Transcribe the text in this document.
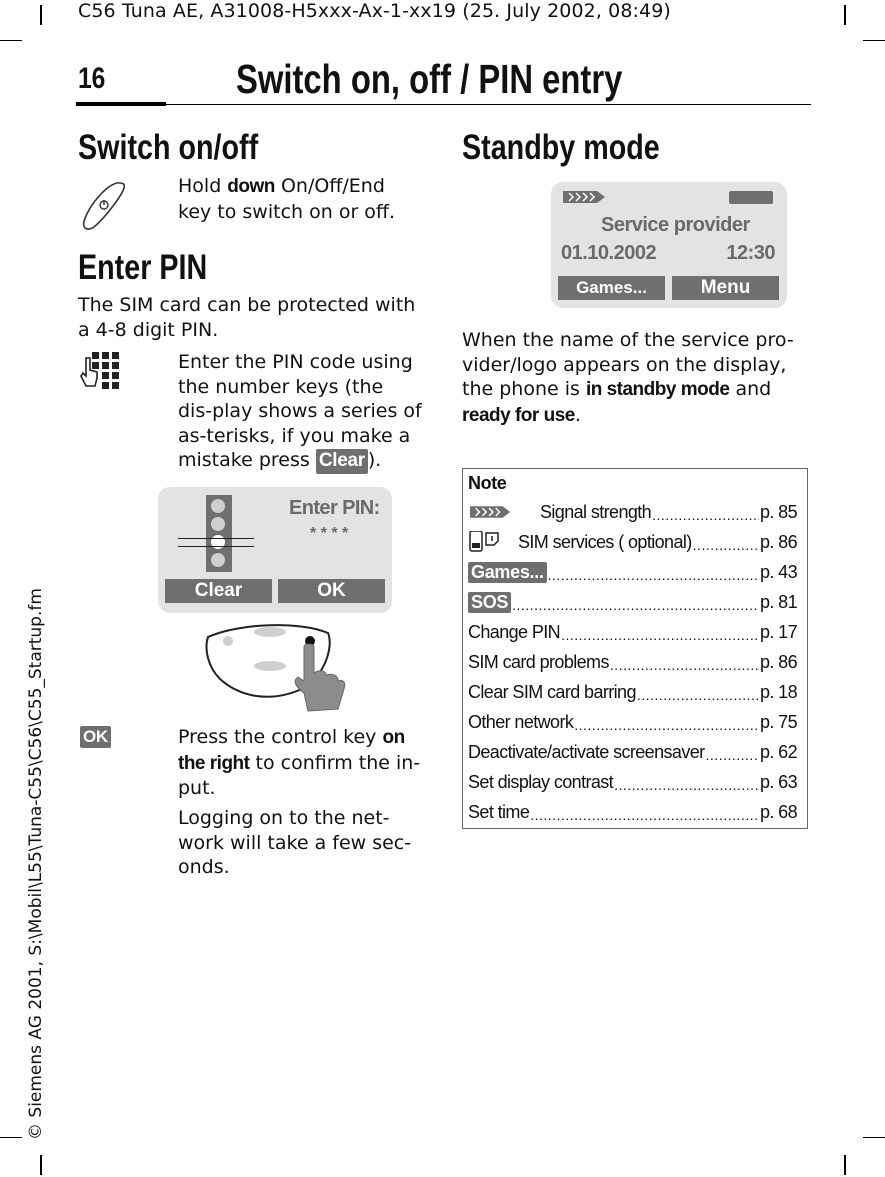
C56 Tuna AE, A31008-H5xxx-Ax-1-xx19 (25. July 2002, 08:49)
© Siemens AG 2001, S:\Mobil\L55\Tuna-C55\C56\C55_Startup.fm
16	Switch on, off / PIN entry
Switch on/off
Hold down On/Off/End key to switch on or off.
Enter PIN
The SIM card can be protected with a 4-8 digit PIN.
Enter the PIN code using the number keys (the dis-play shows a series of as-terisks, if you make a mistake press Clear ).
Enter PIN:
* * * *
Clear	OK
OK	Press the control key on the right to confirm the in-put.
Logging on to the net-work will take a few sec-onds.
Standby mode
Service provider
01.10.2002	12:30
Games...	Menu
When the name of the service pro-vider/logo appears on the display, the phone is in standby mode and ready for use.
Note
Signal strength .....	p. 85
SIM services ( optional) .....	p. 86
Games... .....	p. 43
SOS .....	p. 81
Change PIN .....	p. 17
SIM card problems .....	p. 86
Clear SIM card barring .....	p. 18
Other network .....	p. 75
Deactivate/activate screensaver .....	p. 62
Set display contrast .....	p. 63
Set time .....	p. 68
